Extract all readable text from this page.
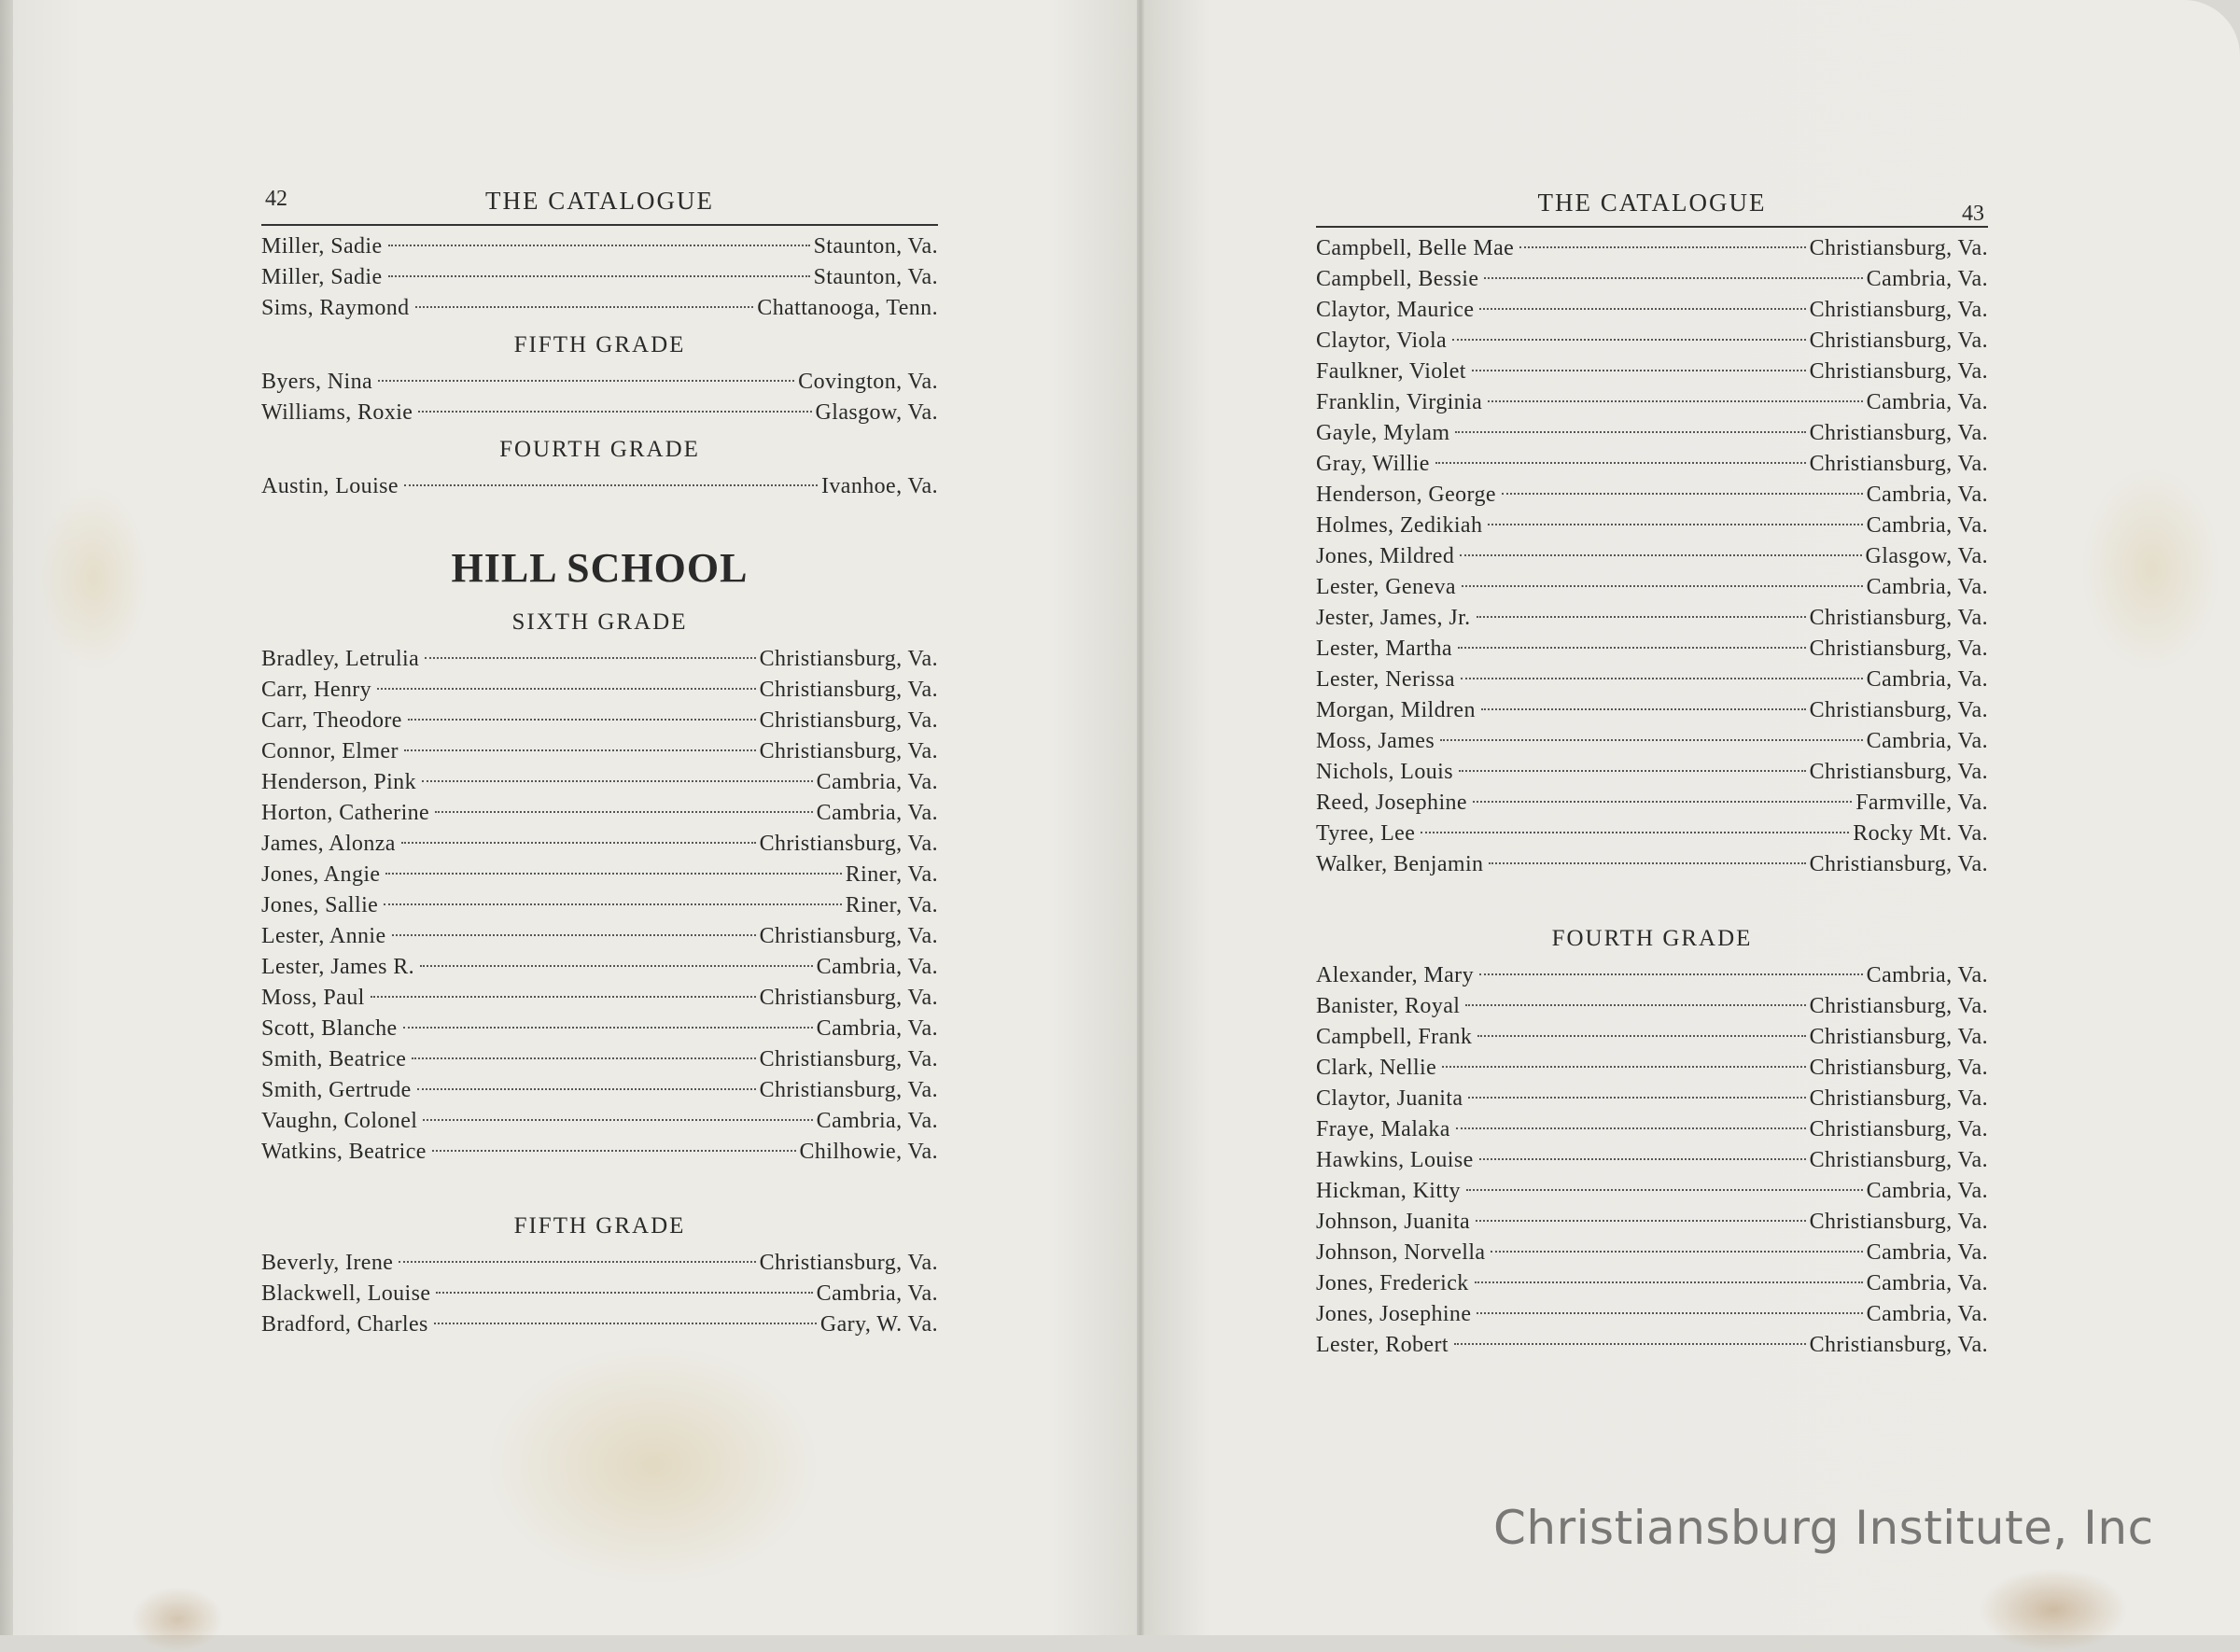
42	THE CATALOGUE
Miller, Sadie	Staunton, Va.
Miller, Sadie	Staunton, Va.
Sims, Raymond	Chattanooga, Tenn.
FIFTH GRADE
Byers, Nina	Covington, Va.
Williams, Roxie	Glasgow, Va.
FOURTH GRADE
Austin, Louise	Ivanhoe, Va.
HILL SCHOOL
SIXTH GRADE
Bradley, Letrulia	Christiansburg, Va.
Carr, Henry	Christiansburg, Va.
Carr, Theodore	Christiansburg, Va.
Connor, Elmer	Christiansburg, Va.
Henderson, Pink	Cambria, Va.
Horton, Catherine	Cambria, Va.
James, Alonza	Christiansburg, Va.
Jones, Angie	Riner, Va.
Jones, Sallie	Riner, Va.
Lester, Annie	Christiansburg, Va.
Lester, James R.	Cambria, Va.
Moss, Paul	Christiansburg, Va.
Scott, Blanche	Cambria, Va.
Smith, Beatrice	Christiansburg, Va.
Smith, Gertrude	Christiansburg, Va.
Vaughn, Colonel	Cambria, Va.
Watkins, Beatrice	Chilhowie, Va.
FIFTH GRADE
Beverly, Irene	Christiansburg, Va.
Blackwell, Louise	Cambria, Va.
Bradford, Charles	Gary, W. Va.
THE CATALOGUE	43
Campbell, Belle Mae	Christiansburg, Va.
Campbell, Bessie	Cambria, Va.
Claytor, Maurice	Christiansburg, Va.
Claytor, Viola	Christiansburg, Va.
Faulkner, Violet	Christiansburg, Va.
Franklin, Virginia	Cambria, Va.
Gayle, Mylam	Christiansburg, Va.
Gray, Willie	Christiansburg, Va.
Henderson, George	Cambria, Va.
Holmes, Zedikiah	Cambria, Va.
Jones, Mildred	Glasgow, Va.
Lester, Geneva	Cambria, Va.
Jester, James, Jr.	Christiansburg, Va.
Lester, Martha	Christiansburg, Va.
Lester, Nerissa	Cambria, Va.
Morgan, Mildren	Christiansburg, Va.
Moss, James	Cambria, Va.
Nichols, Louis	Christiansburg, Va.
Reed, Josephine	Farmville, Va.
Tyree, Lee	Rocky Mt. Va.
Walker, Benjamin	Christiansburg, Va.
FOURTH GRADE
Alexander, Mary	Cambria, Va.
Banister, Royal	Christiansburg, Va.
Campbell, Frank	Christiansburg, Va.
Clark, Nellie	Christiansburg, Va.
Claytor, Juanita	Christiansburg, Va.
Fraye, Malaka	Christiansburg, Va.
Hawkins, Louise	Christiansburg, Va.
Hickman, Kitty	Cambria, Va.
Johnson, Juanita	Christiansburg, Va.
Johnson, Norvella	Cambria, Va.
Jones, Frederick	Cambria, Va.
Jones, Josephine	Cambria, Va.
Lester, Robert	Christiansburg, Va.
Christiansburg Institute, Inc
